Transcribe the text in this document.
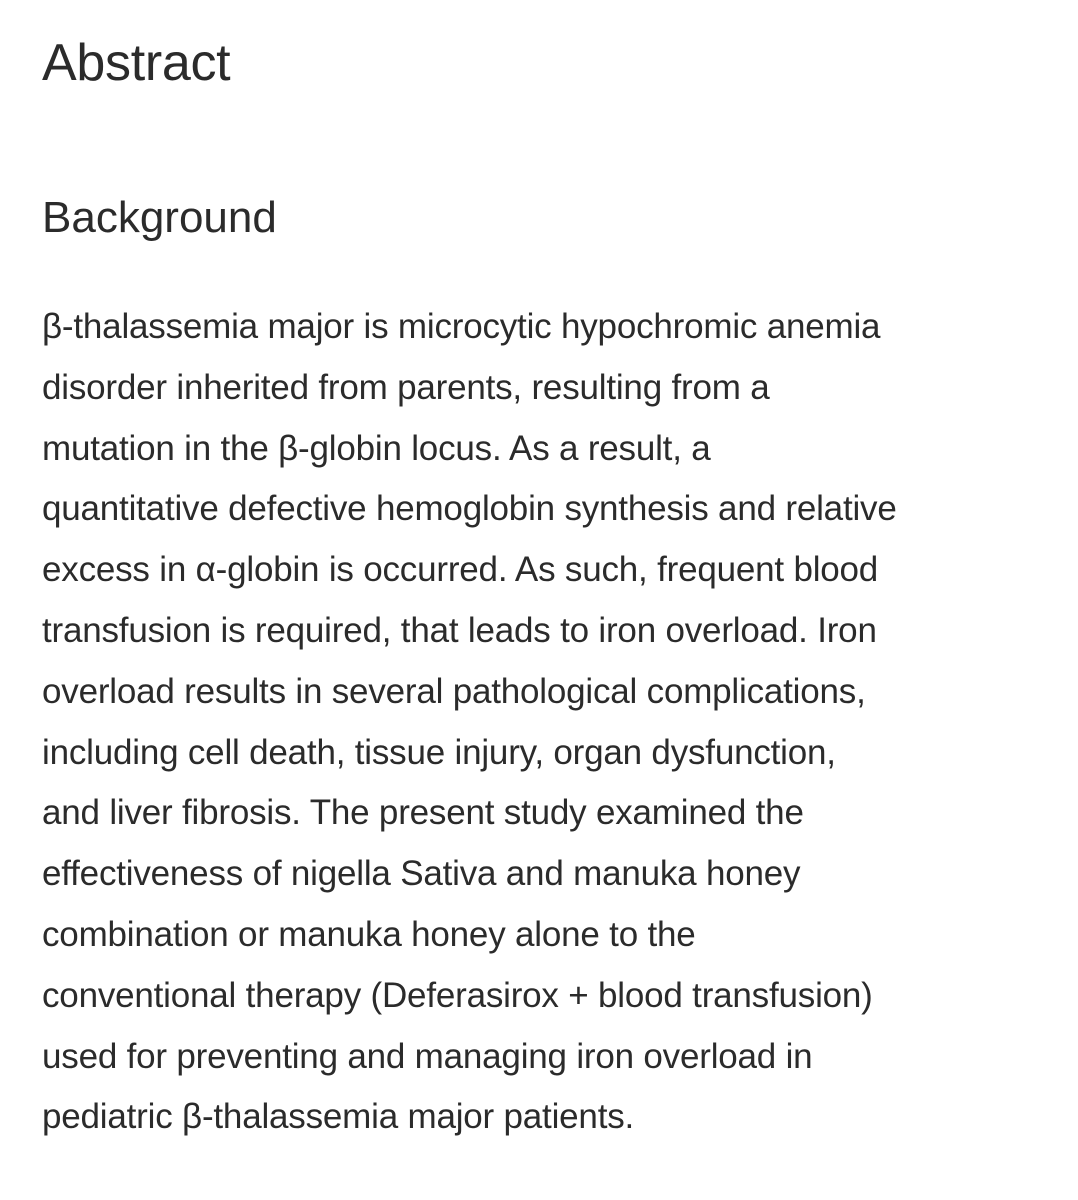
Abstract
Background

β-thalassemia major is microcytic hypochromic anemia
disorder inherited from parents, resulting from a
mutation in the β-globin locus. As a result, a
quantitative defective hemoglobin synthesis and relative
excess in α-globin is occurred. As such, frequent blood
transfusion is required, that leads to iron overload. Iron
overload results in several pathological complications,
including cell death, tissue injury, organ dysfunction,
and liver fibrosis. The present study examined the
effectiveness of nigella Sativa and manuka honey
combination or manuka honey alone to the
conventional therapy (Deferasirox + blood transfusion)
used for preventing and managing iron overload in
pediatric β-thalassemia major patients.
